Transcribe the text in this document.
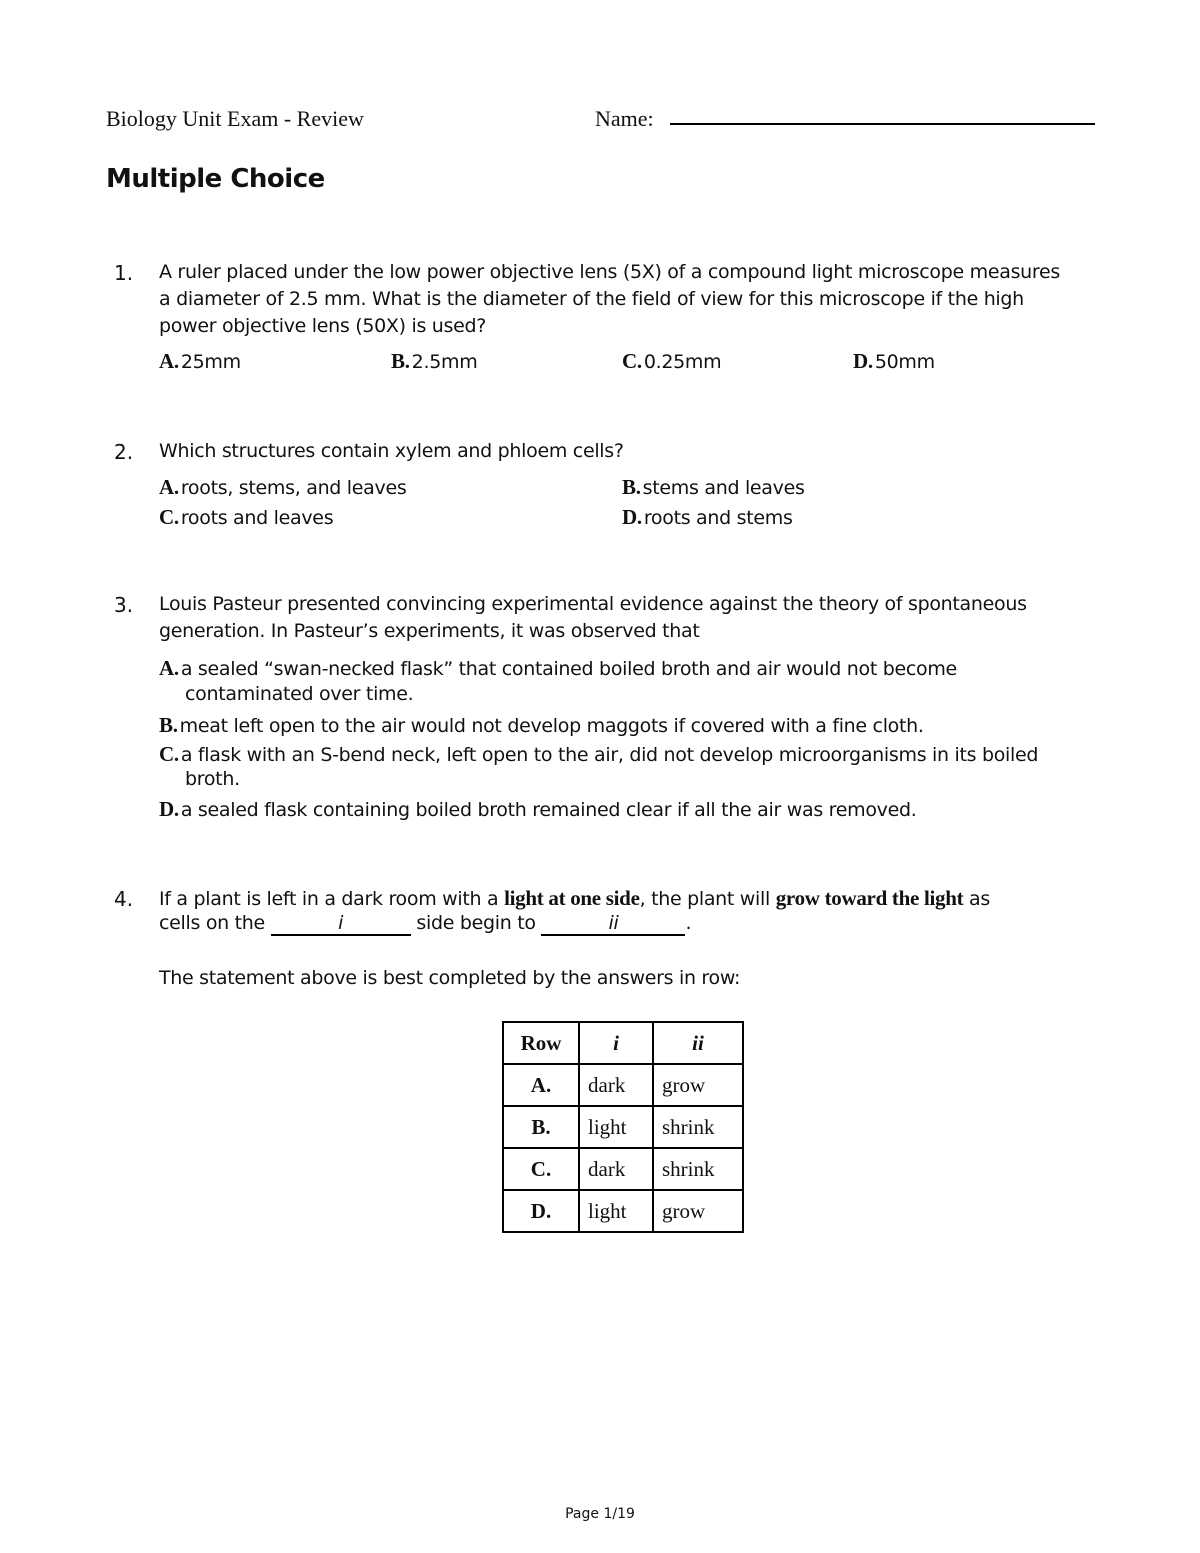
Biology Unit Exam - Review	Name:
Multiple Choice
1. A ruler placed under the low power objective lens (5X) of a compound light microscope measures
a diameter of 2.5 mm. What is the diameter of the field of view for this microscope if the high
power objective lens (50X) is used?
A. 25mm	B. 2.5mm	C. 0.25mm	D. 50mm
2. Which structures contain xylem and phloem cells?
A. roots, stems, and leaves	B. stems and leaves
C. roots and leaves	D. roots and stems
3. Louis Pasteur presented convincing experimental evidence against the theory of spontaneous
generation. In Pasteur’s experiments, it was observed that
A. a sealed “swan-necked flask” that contained boiled broth and air would not become
contaminated over time.
B. meat left open to the air would not develop maggots if covered with a fine cloth.
C. a flask with an S-bend neck, left open to the air, did not develop microorganisms in its boiled
broth.
D. a sealed flask containing boiled broth remained clear if all the air was removed.
4. If a plant is left in a dark room with a light at one side, the plant will grow toward the light as
cells on the	i	side begin to	ii	.
The statement above is best completed by the answers in row:
Row	i	ii
A.	dark	grow
B.	light	shrink
C.	dark	shrink
D.	light	grow
Page 1/19
